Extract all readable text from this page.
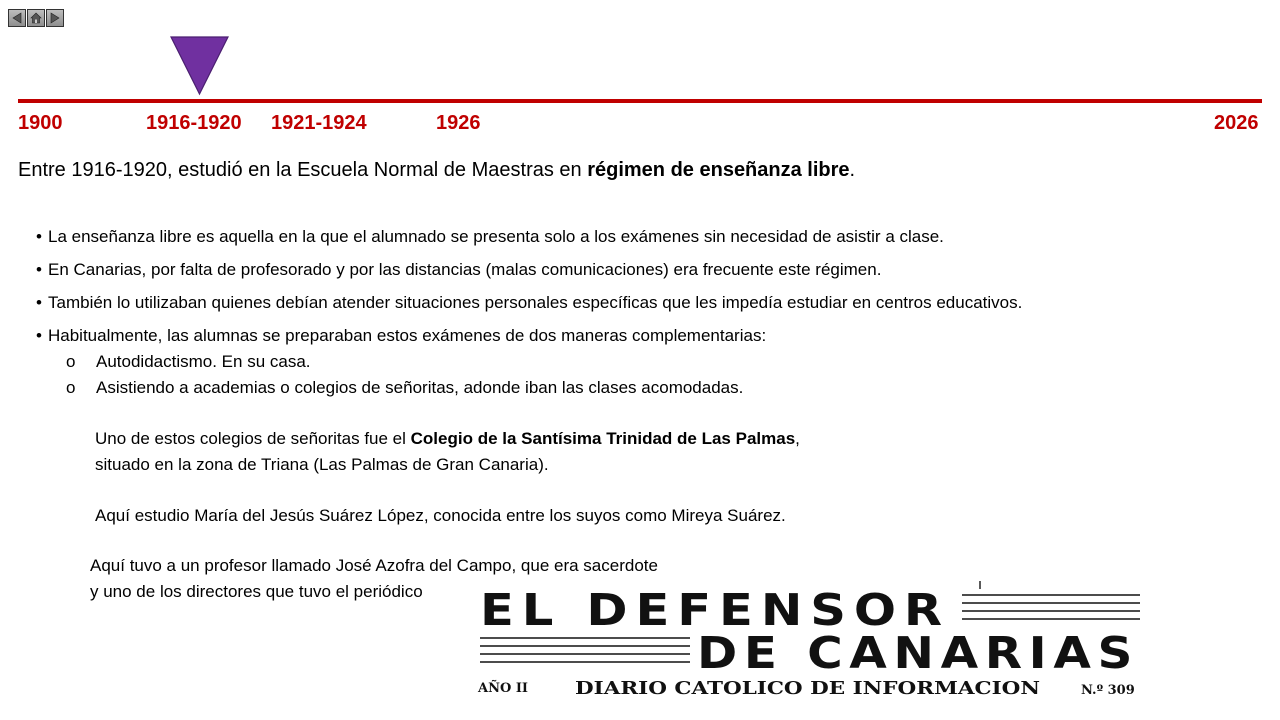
1900	1916-1920 1921-1924	1926	2026
Entre 1916-1920, estudió en la Escuela Normal de Maestras en régimen de enseñanza libre.
• La enseñanza libre es aquella en la que el alumnado se presenta solo a los exámenes sin necesidad de asistir a clase.
• En Canarias, por falta de profesorado y por las distancias (malas comunicaciones) era frecuente este régimen.
• También lo utilizaban quienes debían atender situaciones personales específicas que les impedía estudiar en centros educativos.
• Habitualmente, las alumnas se preparaban estos exámenes de dos maneras complementarias:
o Autodidactismo. En su casa.
o Asistiendo a academias o colegios de señoritas, adonde iban las clases acomodadas.
Uno de estos colegios de señoritas fue el Colegio de la Santísima Trinidad de Las Palmas,
situado en la zona de Triana (Las Palmas de Gran Canaria).
Aquí estudio María del Jesús Suárez López, conocida entre los suyos como Mireya Suárez.
Aquí tuvo a un profesor llamado José Azofra del Campo, que era sacerdote
y uno de los directores que tuvo el periódico	EL DEFENSOR
DE CANARIAS
AÑO II	DIARIO CATOLICO DE INFORMACION	N.º 309
